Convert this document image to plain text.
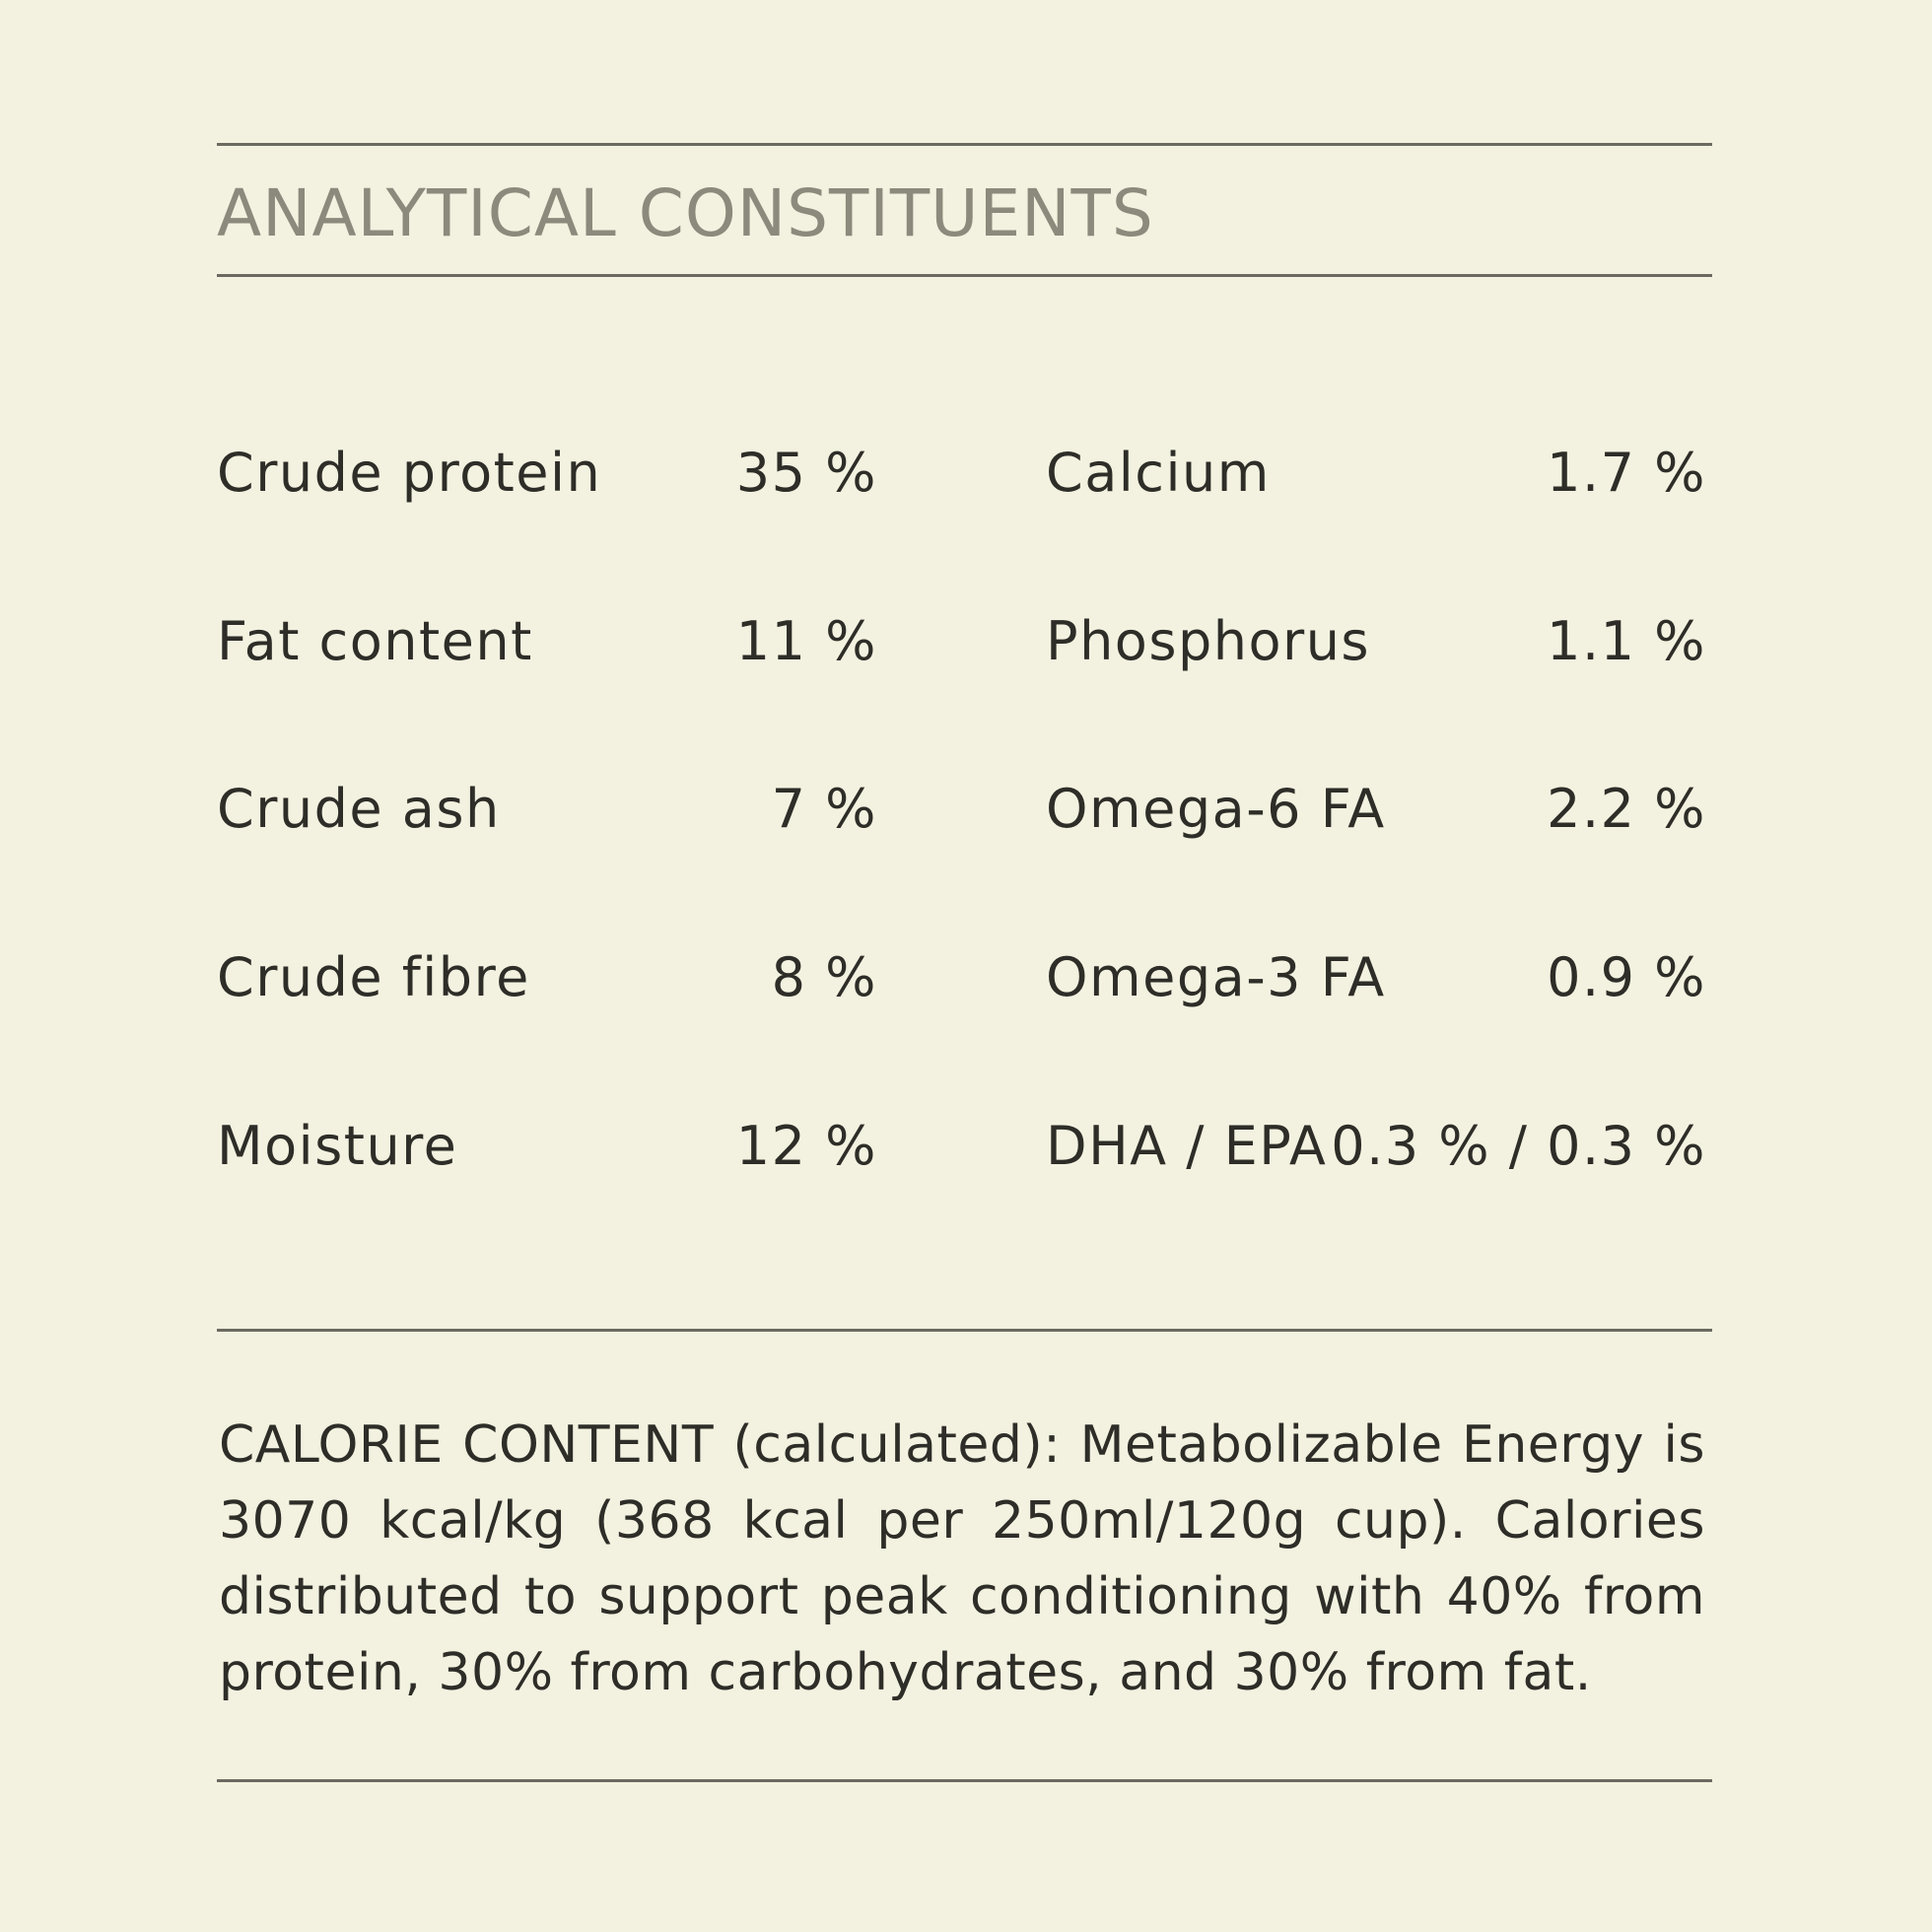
ANALYTICAL CONSTITUENTS
Crude protein	35 %
Fat content	11 %
Crude ash	7 %
Crude fibre	8 %
Moisture	12 %
Calcium	1.7 %
Phosphorus	1.1 %
Omega-6 FA	2.2 %
Omega-3 FA	0.9 %
DHA / EPA 0.3 % / 0.3 %

CALORIE CONTENT (calculated): Metabolizable Energy is 3070 kcal/kg (368 kcal per 250ml/120g cup). Calories distributed to support peak conditioning with 40% from protein, 30% from carbohydrates, and 30% from fat.
